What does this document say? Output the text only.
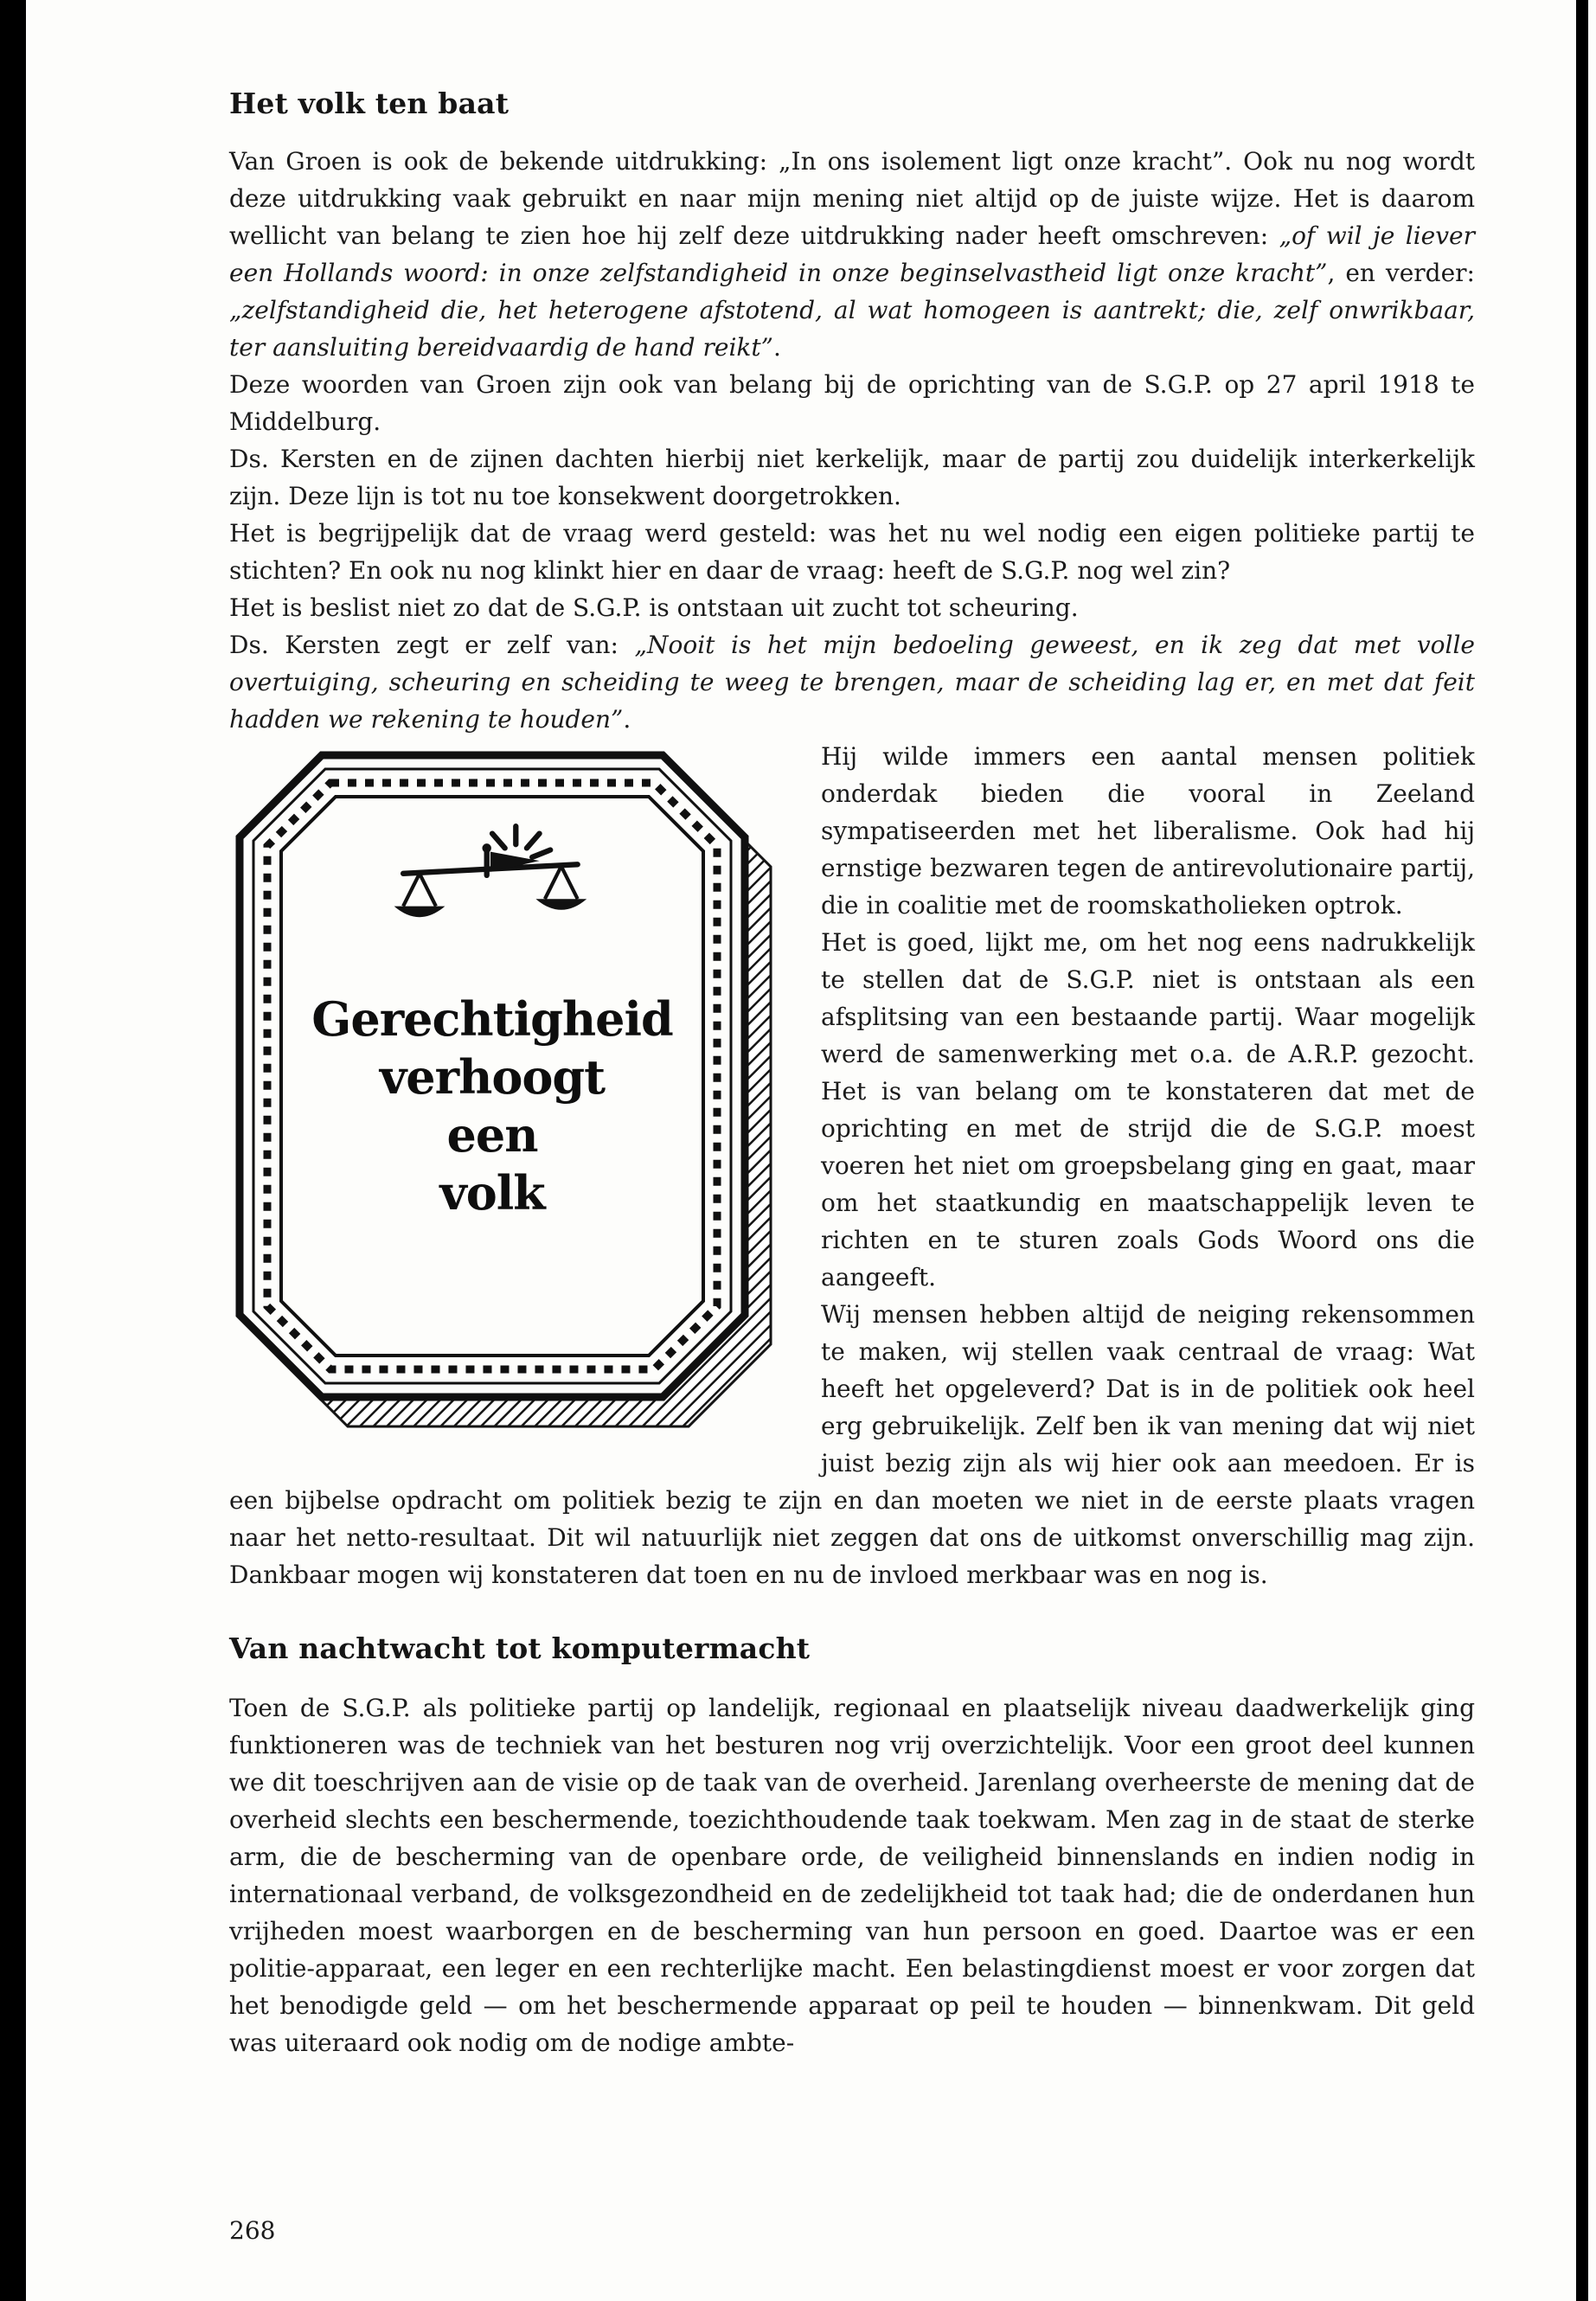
Het volk ten baat

Van Groen is ook de bekende uitdrukking: „In ons isolement ligt onze kracht”. Ook nu nog wordt deze uitdrukking vaak gebruikt en naar mijn mening niet altijd op de juiste wijze. Het is daarom wellicht van belang te zien hoe hij zelf deze uitdrukking nader heeft omschreven: „of wil je liever een Hollands woord: in onze zelfstandigheid in onze beginselvastheid ligt onze kracht”, en verder: „zelfstandigheid die, het heterogene afstotend, al wat homogeen is aantrekt; die, zelf onwrikbaar, ter aansluiting bereidvaardig de hand reikt”.

Deze woorden van Groen zijn ook van belang bij de oprichting van de S.G.P. op 27 april 1918 te Middelburg.

Ds. Kersten en de zijnen dachten hierbij niet kerkelijk, maar de partij zou duidelijk interkerkelijk zijn. Deze lijn is tot nu toe konsekwent doorgetrokken.

Het is begrijpelijk dat de vraag werd gesteld: was het nu wel nodig een eigen politieke partij te stichten? En ook nu nog klinkt hier en daar de vraag: heeft de S.G.P. nog wel zin?

Het is beslist niet zo dat de S.G.P. is ontstaan uit zucht tot scheuring.

Ds. Kersten zegt er zelf van: „Nooit is het mijn bedoeling geweest, en ik zeg dat met volle overtuiging, scheuring en scheiding te weeg te brengen, maar de scheiding lag er, en met dat feit hadden we rekening te houden”.

Gerechtigheid
verhoogt
een
volk

Hij wilde immers een aantal mensen politiek onderdak bieden die vooral in Zeeland sympatiseerden met het liberalisme. Ook had hij ernstige bezwaren tegen de antirevolutionaire partij, die in coalitie met de roomskatholieken optrok.

Het is goed, lijkt me, om het nog eens nadrukkelijk te stellen dat de S.G.P. niet is ontstaan als een afsplitsing van een bestaande partij. Waar mogelijk werd de samenwerking met o.a. de A.R.P. gezocht. Het is van belang om te konstateren dat met de oprichting en met de strijd die de S.G.P. moest voeren het niet om groepsbelang ging en gaat, maar om het staatkundig en maatschappelijk leven te richten en te sturen zoals Gods Woord ons die aangeeft.

Wij mensen hebben altijd de neiging rekensommen te maken, wij stellen vaak centraal de vraag: Wat heeft het opgeleverd? Dat is in de politiek ook heel erg gebruikelijk. Zelf ben ik van mening dat wij niet juist bezig zijn als wij hier ook aan meedoen. Er is een bijbelse opdracht om politiek bezig te zijn en dan moeten we niet in de eerste plaats vragen naar het netto-resultaat. Dit wil natuurlijk niet zeggen dat ons de uitkomst onverschillig mag zijn. Dankbaar mogen wij konstateren dat toen en nu de invloed merkbaar was en nog is.

Van nachtwacht tot komputermacht

Toen de S.G.P. als politieke partij op landelijk, regionaal en plaatselijk niveau daadwerkelijk ging funktioneren was de techniek van het besturen nog vrij overzichtelijk. Voor een groot deel kunnen we dit toeschrijven aan de visie op de taak van de overheid. Jarenlang overheerste de mening dat de overheid slechts een beschermende, toezichthoudende taak toekwam. Men zag in de staat de sterke arm, die de bescherming van de openbare orde, de veiligheid binnenslands en indien nodig in internationaal verband, de volksgezondheid en de zedelijkheid tot taak had; die de onderdanen hun vrijheden moest waarborgen en de bescherming van hun persoon en goed. Daartoe was er een politie-apparaat, een leger en een rechterlijke macht. Een belastingdienst moest er voor zorgen dat het benodigde geld — om het beschermende apparaat op peil te houden — binnenkwam. Dit geld was uiteraard ook nodig om de nodige ambte-

268
